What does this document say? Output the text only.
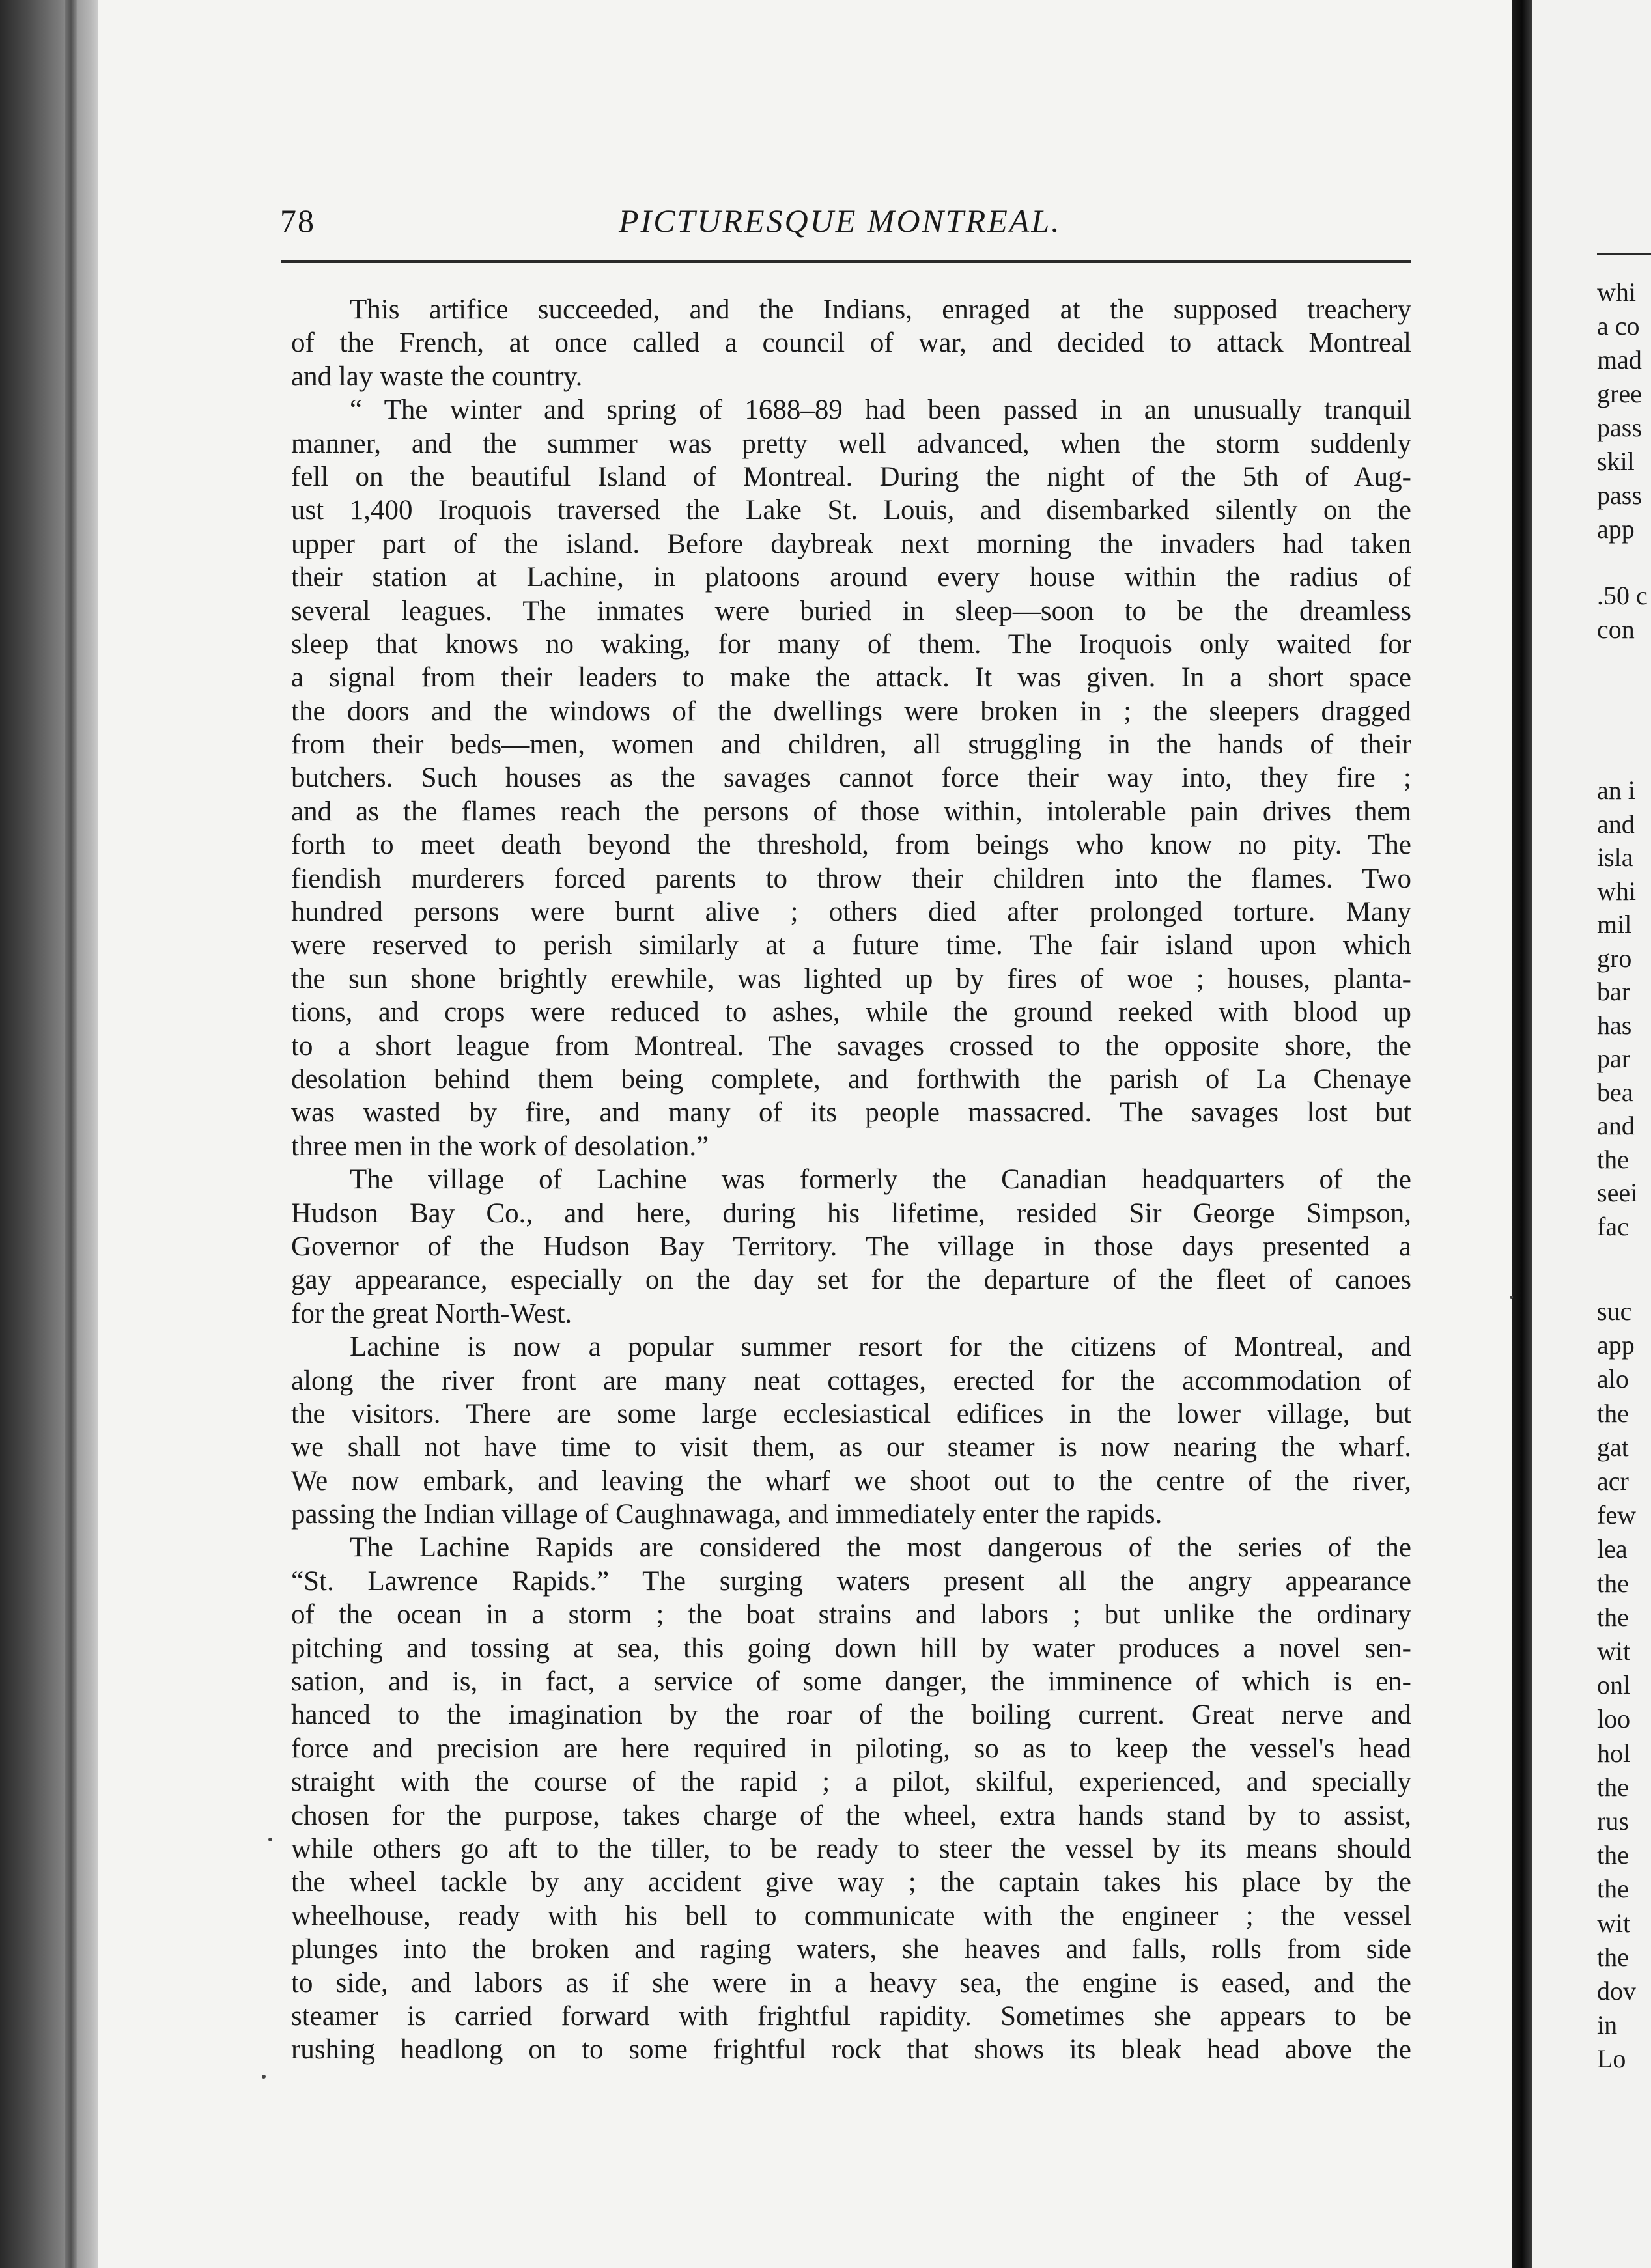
78	PICTURESQUE MONTREAL.
This artifice succeeded, and the Indians, enraged at the supposed treachery
of the French, at once called a council of war, and decided to attack Montreal
and lay waste the country.
“ The winter and spring of 1688–89 had been passed in an unusually tranquil
manner, and the summer was pretty well advanced, when the storm suddenly
fell on the beautiful Island of Montreal. During the night of the 5th of Aug-
ust 1,400 Iroquois traversed the Lake St. Louis, and disembarked silently on the
upper part of the island. Before daybreak next morning the invaders had taken
their station at Lachine, in platoons around every house within the radius of
several leagues. The inmates were buried in sleep—soon to be the dreamless
sleep that knows no waking, for many of them. The Iroquois only waited for
a signal from their leaders to make the attack. It was given. In a short space
the doors and the windows of the dwellings were broken in ; the sleepers dragged
from their beds—men, women and children, all struggling in the hands of their
butchers. Such houses as the savages cannot force their way into, they fire ;
and as the flames reach the persons of those within, intolerable pain drives them
forth to meet death beyond the threshold, from beings who know no pity. The
fiendish murderers forced parents to throw their children into the flames. Two
hundred persons were burnt alive ; others died after prolonged torture. Many
were reserved to perish similarly at a future time. The fair island upon which
the sun shone brightly erewhile, was lighted up by fires of woe ; houses, planta-
tions, and crops were reduced to ashes, while the ground reeked with blood up
to a short league from Montreal. The savages crossed to the opposite shore, the
desolation behind them being complete, and forthwith the parish of La Chenaye
was wasted by fire, and many of its people massacred. The savages lost but
three men in the work of desolation.”
The village of Lachine was formerly the Canadian headquarters of the
Hudson Bay Co., and here, during his lifetime, resided Sir George Simpson,
Governor of the Hudson Bay Territory. The village in those days presented a
gay appearance, especially on the day set for the departure of the fleet of canoes
for the great North-West.
Lachine is now a popular summer resort for the citizens of Montreal, and
along the river front are many neat cottages, erected for the accommodation of
the visitors. There are some large ecclesiastical edifices in the lower village, but
we shall not have time to visit them, as our steamer is now nearing the wharf.
We now embark, and leaving the wharf we shoot out to the centre of the river,
passing the Indian village of Caughnawaga, and immediately enter the rapids.
The Lachine Rapids are considered the most dangerous of the series of the
“St. Lawrence Rapids.” The surging waters present all the angry appearance
of the ocean in a storm ; the boat strains and labors ; but unlike the ordinary
pitching and tossing at sea, this going down hill by water produces a novel sen-
sation, and is, in fact, a service of some danger, the imminence of which is en-
hanced to the imagination by the roar of the boiling current. Great nerve and
force and precision are here required in piloting, so as to keep the vessel's head
straight with the course of the rapid ; a pilot, skilful, experienced, and specially
chosen for the purpose, takes charge of the wheel, extra hands stand by to assist,
while others go aft to the tiller, to be ready to steer the vessel by its means should
the wheel tackle by any accident give way ; the captain takes his place by the
wheelhouse, ready with his bell to communicate with the engineer ; the vessel
plunges into the broken and raging waters, she heaves and falls, rolls from side
to side, and labors as if she were in a heavy sea, the engine is eased, and the
steamer is carried forward with frightful rapidity. Sometimes she appears to be
rushing headlong on to some frightful rock that shows its bleak head above the
whi
a co
mad
gree
pass
skil
pass
app
.50 c
con
an i
and
isla
whi
mil
gro
bar
has
par
bea
and
the
seei
fac
suc
app
alo
the
gat
acr
few
lea
the
the
wit
onl
loo
hol
the
rus
the
the
wit
the
dov
in
Lo
